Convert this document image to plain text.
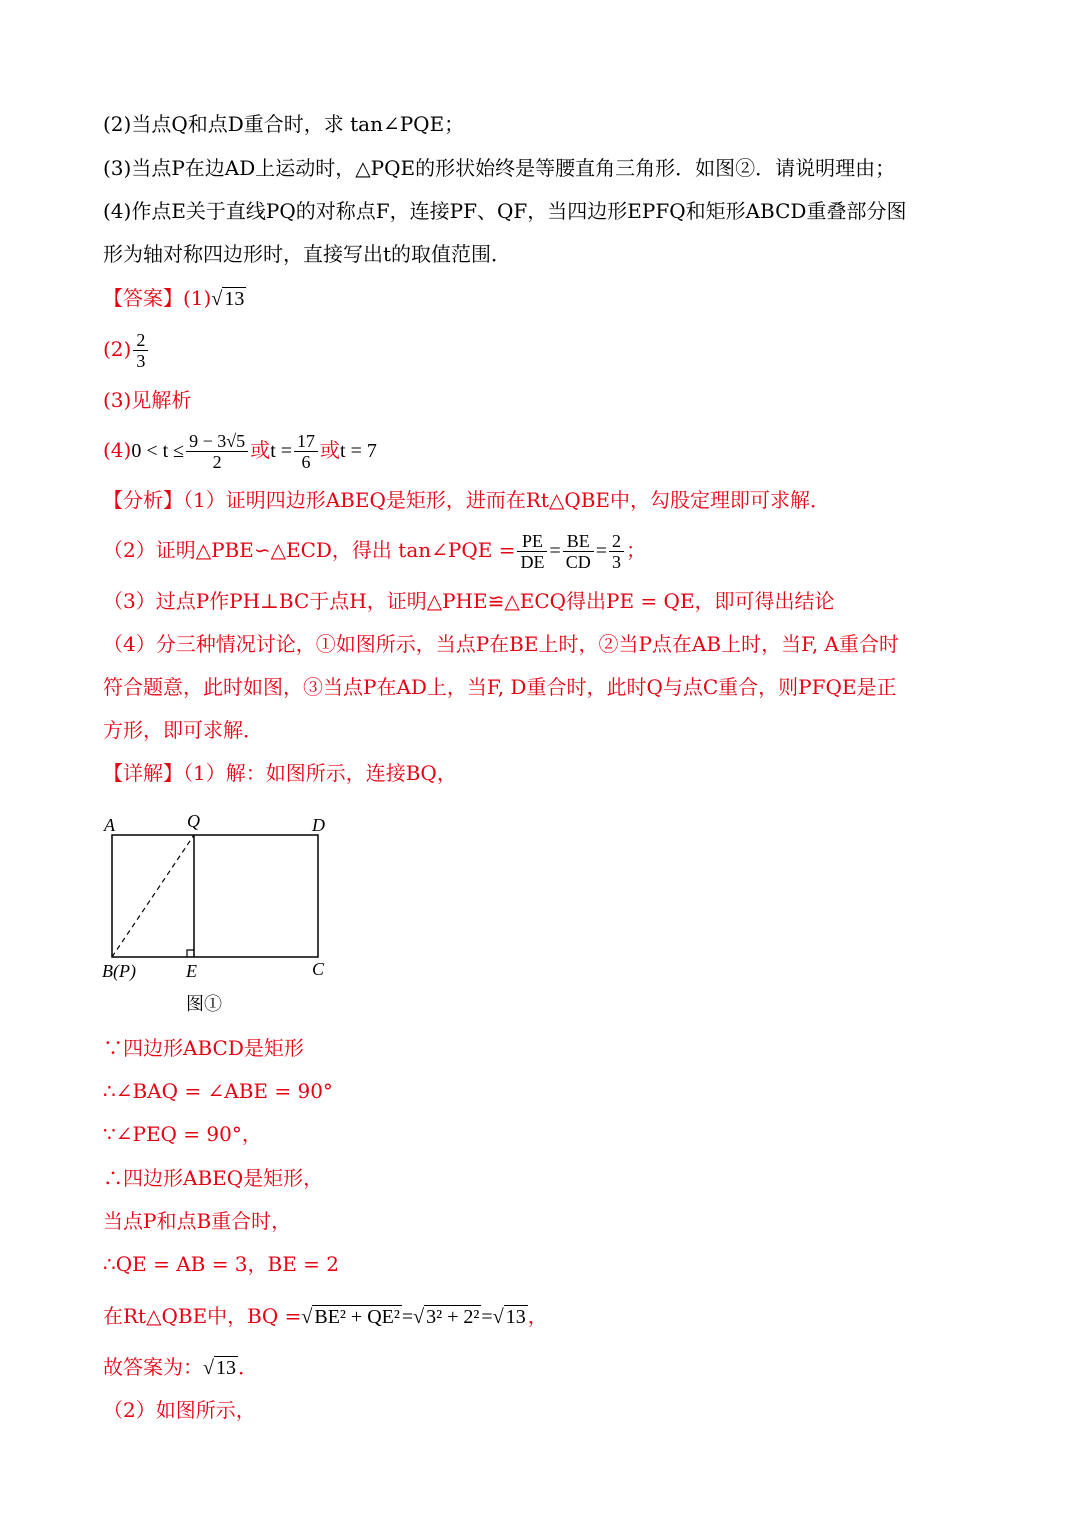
(2)当点Q和点D重合时，求 tan∠PQE；
(3)当点P在边AD上运动时，△PQE的形状始终是等腰直角三角形．如图②．请说明理由；
(4)作点E关于直线PQ的对称点F，连接PF、QF，当四边形EPFQ和矩形ABCD重叠部分图
形为轴对称四边形时，直接写出t的取值范围．
【答案】(1)√ 13
$(2) \frac{2}{3}$
(3)见解析
$(4)0 < t \le \frac{9 - 3√5}{2}$ 或$t = \frac{17}{6}$ 或t = 7
【分析】（1）证明四边形ABEQ是矩形，进而在Rt△QBE中，勾股定理即可求解．
（2）证明△PBE∽△ECD，得出 tan∠PQE = $\frac{PE}{DE} = \frac{BE}{CD} = \frac{2}{3}$ ；
（3）过点P作PH⊥BC于点H，证明△PHE≌△ECQ得出PE = QE，即可得出结论
（4）分三种情况讨论，①如图所示，当点P在BE上时，②当P点在AB上时，当F, A重合时
符合题意，此时如图，③当点P在AD上，当F, D重合时，此时Q与点C重合，则PFQE是正
方形，即可求解．
【详解】（1）解：如图所示，连接BQ，
A	Q	D
B(P)	E	C
图①
∵四边形ABCD是矩形
∴∠BAQ = ∠ABE = 90°
∵∠PEQ = 90°，
∴四边形ABEQ是矩形，
当点P和点B重合时，
∴QE = AB = 3，BE = 2
在Rt△QBE中，BQ =√ BE² + QE² =√ 3² + 2² =√ 13 ，
故答案为：√ 13 ．
（2）如图所示，
